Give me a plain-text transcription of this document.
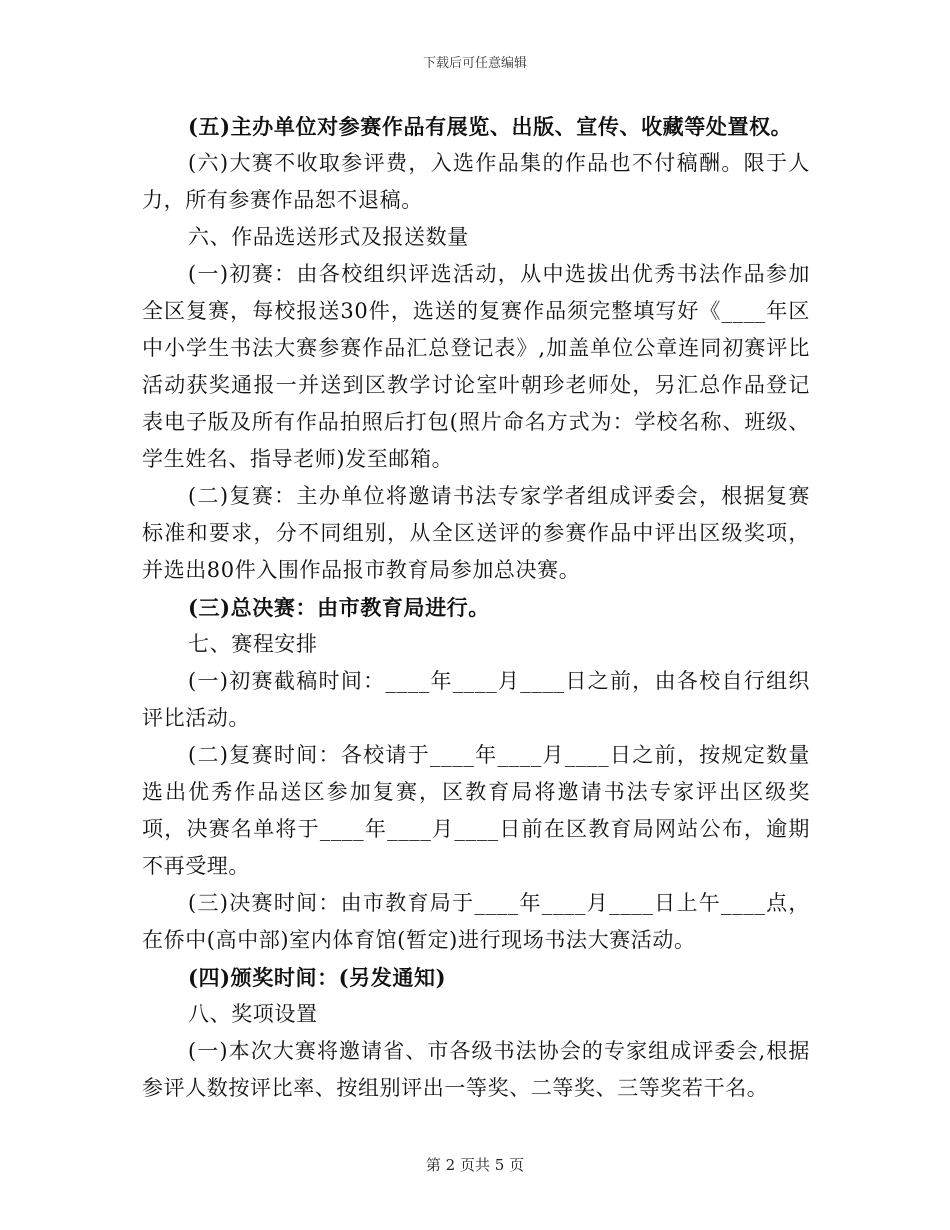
下载后可任意编辑

(五)主办单位对参赛作品有展览、出版、宣传、收藏等处置权。

(六)大赛不收取参评费，入选作品集的作品也不付稿酬。限于人力，所有参赛作品恕不退稿。

六、作品选送形式及报送数量

(一)初赛：由各校组织评选活动，从中选拔出优秀书法作品参加全区复赛，每校报送30件，选送的复赛作品须完整填写好《____年区中小学生书法大赛参赛作品汇总登记表》,加盖单位公章连同初赛评比活动获奖通报一并送到区教学讨论室叶朝珍老师处，另汇总作品登记表电子版及所有作品拍照后打包(照片命名方式为：学校名称、班级、学生姓名、指导老师)发至邮箱。

(二)复赛：主办单位将邀请书法专家学者组成评委会，根据复赛标准和要求，分不同组别，从全区送评的参赛作品中评出区级奖项，并选出80件入围作品报市教育局参加总决赛。

(三)总决赛：由市教育局进行。

七、赛程安排

(一)初赛截稿时间：____年____月____日之前，由各校自行组织评比活动。

(二)复赛时间：各校请于____年____月____日之前，按规定数量选出优秀作品送区参加复赛，区教育局将邀请书法专家评出区级奖项，决赛名单将于____年____月____日前在区教育局网站公布，逾期不再受理。

(三)决赛时间：由市教育局于____年____月____日上午____点，在侨中(高中部)室内体育馆(暂定)进行现场书法大赛活动。

(四)颁奖时间：(另发通知)

八、奖项设置

(一)本次大赛将邀请省、市各级书法协会的专家组成评委会,根据参评人数按评比率、按组别评出一等奖、二等奖、三等奖若干名。

第 2 页共 5 页
